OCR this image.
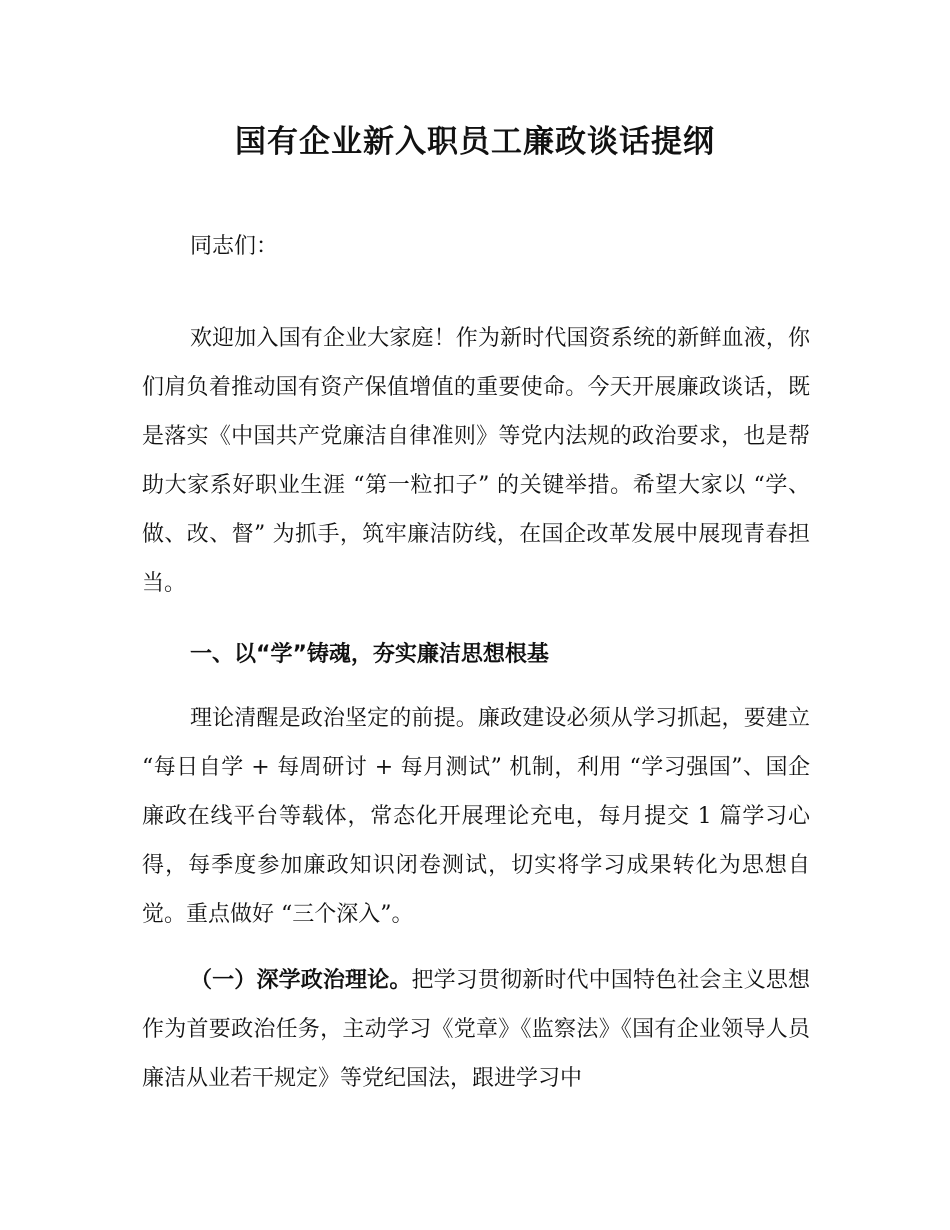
国有企业新入职员工廉政谈话提纲

同志们：

欢迎加入国有企业大家庭！作为新时代国资系统的新鲜血液，你们肩负着推动国有资产保值增值的重要使命。今天开展廉政谈话，既是落实《中国共产党廉洁自律准则》等党内法规的政治要求，也是帮助大家系好职业生涯 “第一粒扣子” 的关键举措。希望大家以 “学、做、改、督” 为抓手，筑牢廉洁防线，在国企改革发展中展现青春担当。

一、以“学”铸魂，夯实廉洁思想根基

理论清醒是政治坚定的前提。廉政建设必须从学习抓起，要建立 “每日自学 + 每周研讨 + 每月测试” 机制，利用 “学习强国”、国企廉政在线平台等载体，常态化开展理论充电，每月提交 1 篇学习心得，每季度参加廉政知识闭卷测试，切实将学习成果转化为思想自觉。重点做好 “三个深入”。

（一）深学政治理论。把学习贯彻新时代中国特色社会主义思想作为首要政治任务，主动学习《党章》《监察法》《国有企业领导人员廉洁从业若干规定》等党纪国法，跟进学习中
